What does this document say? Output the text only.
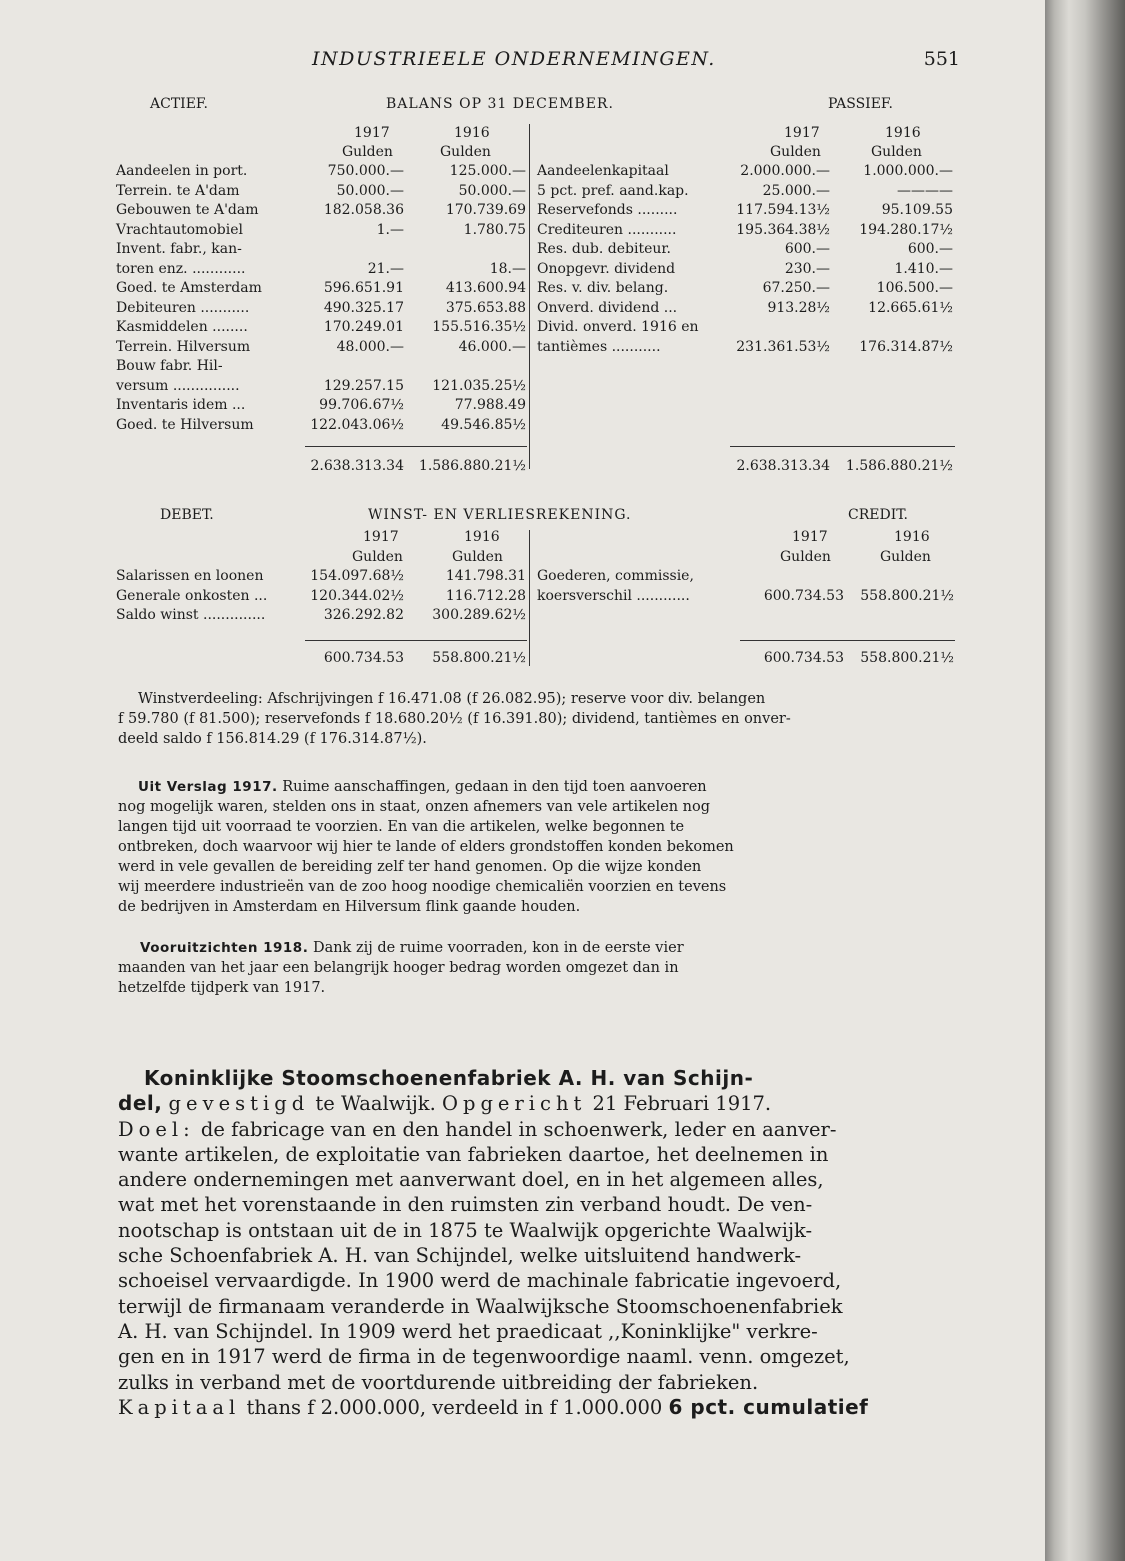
INDUSTRIEELE ONDERNEMINGEN.	551
ACTIEF.	BALANS OP 31 DECEMBER.	PASSIEF.
1917	1916
Gulden	Gulden
1917	1916
Gulden	Gulden
Aandeelen in port.	750.000.—	125.000.—
Terrein. te A'dam	50.000.—	50.000.—
Gebouwen te A'dam	182.058.36	170.739.69
Vrachtautomobiel	1.—	1.780.75
Invent. fabr., kan-
toren enz. ............	21.—	18.—
Goed. te Amsterdam	596.651.91	413.600.94
Debiteuren ...........	490.325.17	375.653.88
Kasmiddelen ........	170.249.01	155.516.35½
Terrein. Hilversum	48.000.—	46.000.—
Bouw fabr. Hil-
versum ...............	129.257.15	121.035.25½
Inventaris idem ...	99.706.67½	77.988.49
Goed. te Hilversum	122.043.06½	49.546.85½
Aandeelenkapitaal	2.000.000.—	1.000.000.—
5 pct. pref. aand.kap.	25.000.—	————
Reservefonds .........	117.594.13½	95.109.55
Crediteuren ...........	195.364.38½	194.280.17½
Res. dub. debiteur.	600.—	600.—
Onopgevr. dividend	230.—	1.410.—
Res. v. div. belang.	67.250.—	106.500.—
Onverd. dividend ...	913.28½	12.665.61½
Divid. onverd. 1916 en
tantièmes ...........	231.361.53½	176.314.87½
2.638.313.34	1.586.880.21½	2.638.313.34	1.586.880.21½
DEBET.	WINST- EN VERLIESREKENING.	CREDIT.
1917	1916
Gulden	Gulden
1917	1916
Gulden	Gulden
Salarissen en loonen	154.097.68½	141.798.31
Generale onkosten ...	120.344.02½	116.712.28
Saldo winst ..............	326.292.82	300.289.62½
Goederen, commissie,
koersverschil ............	600.734.53	558.800.21½
600.734.53	558.800.21½	600.734.53	558.800.21½
Winstverdeeling: Afschrijvingen f 16.471.08 (f 26.082.95); reserve voor div. belangen
f 59.780 (f 81.500); reservefonds f 18.680.20½ (f 16.391.80); dividend, tantièmes en onver-
deeld saldo f 156.814.29 (f 176.314.87½).
Uit Verslag 1917. Ruime aanschaffingen, gedaan in den tijd toen aanvoeren
nog mogelijk waren, stelden ons in staat, onzen afnemers van vele artikelen nog
langen tijd uit voorraad te voorzien. En van die artikelen, welke begonnen te
ontbreken, doch waarvoor wij hier te lande of elders grondstoffen konden bekomen
werd in vele gevallen de bereiding zelf ter hand genomen. Op die wijze konden
wij meerdere industrieën van de zoo hoog noodige chemicaliën voorzien en tevens
de bedrijven in Amsterdam en Hilversum flink gaande houden.
Vooruitzichten 1918. Dank zij de ruime voorraden, kon in de eerste vier
maanden van het jaar een belangrijk hooger bedrag worden omgezet dan in
hetzelfde tijdperk van 1917.
Koninklijke Stoomschoenenfabriek A. H. van Schijn-
del, gevestigd te Waalwijk. Opgericht 21 Februari 1917.
Doel: de fabricage van en den handel in schoenwerk, leder en aanver-
wante artikelen, de exploitatie van fabrieken daartoe, het deelnemen in
andere ondernemingen met aanverwant doel, en in het algemeen alles,
wat met het vorenstaande in den ruimsten zin verband houdt. De ven-
nootschap is ontstaan uit de in 1875 te Waalwijk opgerichte Waalwijk-
sche Schoenfabriek A. H. van Schijndel, welke uitsluitend handwerk-
schoeisel vervaardigde. In 1900 werd de machinale fabricatie ingevoerd,
terwijl de firmanaam veranderde in Waalwijksche Stoomschoenenfabriek
A. H. van Schijndel. In 1909 werd het praedicaat ,,Koninklijke" verkre-
gen en in 1917 werd de firma in de tegenwoordige naaml. venn. omgezet,
zulks in verband met de voortdurende uitbreiding der fabrieken.
Kapitaal thans f 2.000.000, verdeeld in f 1.000.000 6 pct. cumulatief
